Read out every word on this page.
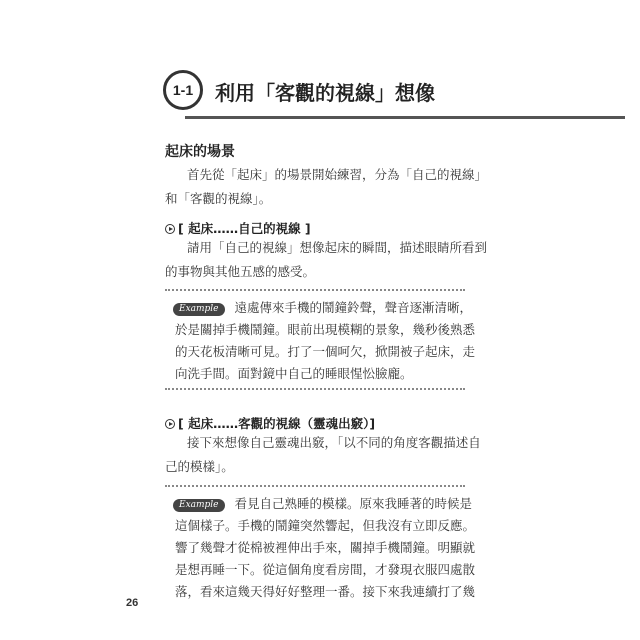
1-1	利用「客觀的視線」想像
起床的場景
首先從「起床」的場景開始練習，分為「自己的視線」
和「客觀的視線」。
[ 起床……自己的視線 ]
請用「自己的視線」想像起床的瞬間，描述眼睛所看到
的事物與其他五感的感受。
Example 遠處傳來手機的鬧鐘鈴聲，聲音逐漸清晰，
於是關掉手機鬧鐘。眼前出現模糊的景象，幾秒後熟悉
的天花板清晰可見。打了一個呵欠，掀開被子起床，走
向洗手間。面對鏡中自己的睡眼惺忪臉龐。
[ 起床……客觀的視線（靈魂出竅）]
接下來想像自己靈魂出竅，「以不同的角度客觀描述自
己的模樣」。
Example 看見自己熟睡的模樣。原來我睡著的時候是
這個樣子。手機的鬧鐘突然響起，但我沒有立即反應。
響了幾聲才從棉被裡伸出手來，關掉手機鬧鐘。明顯就
是想再睡一下。從這個角度看房間，才發現衣服四處散
落，看來這幾天得好好整理一番。接下來我連續打了幾
26
